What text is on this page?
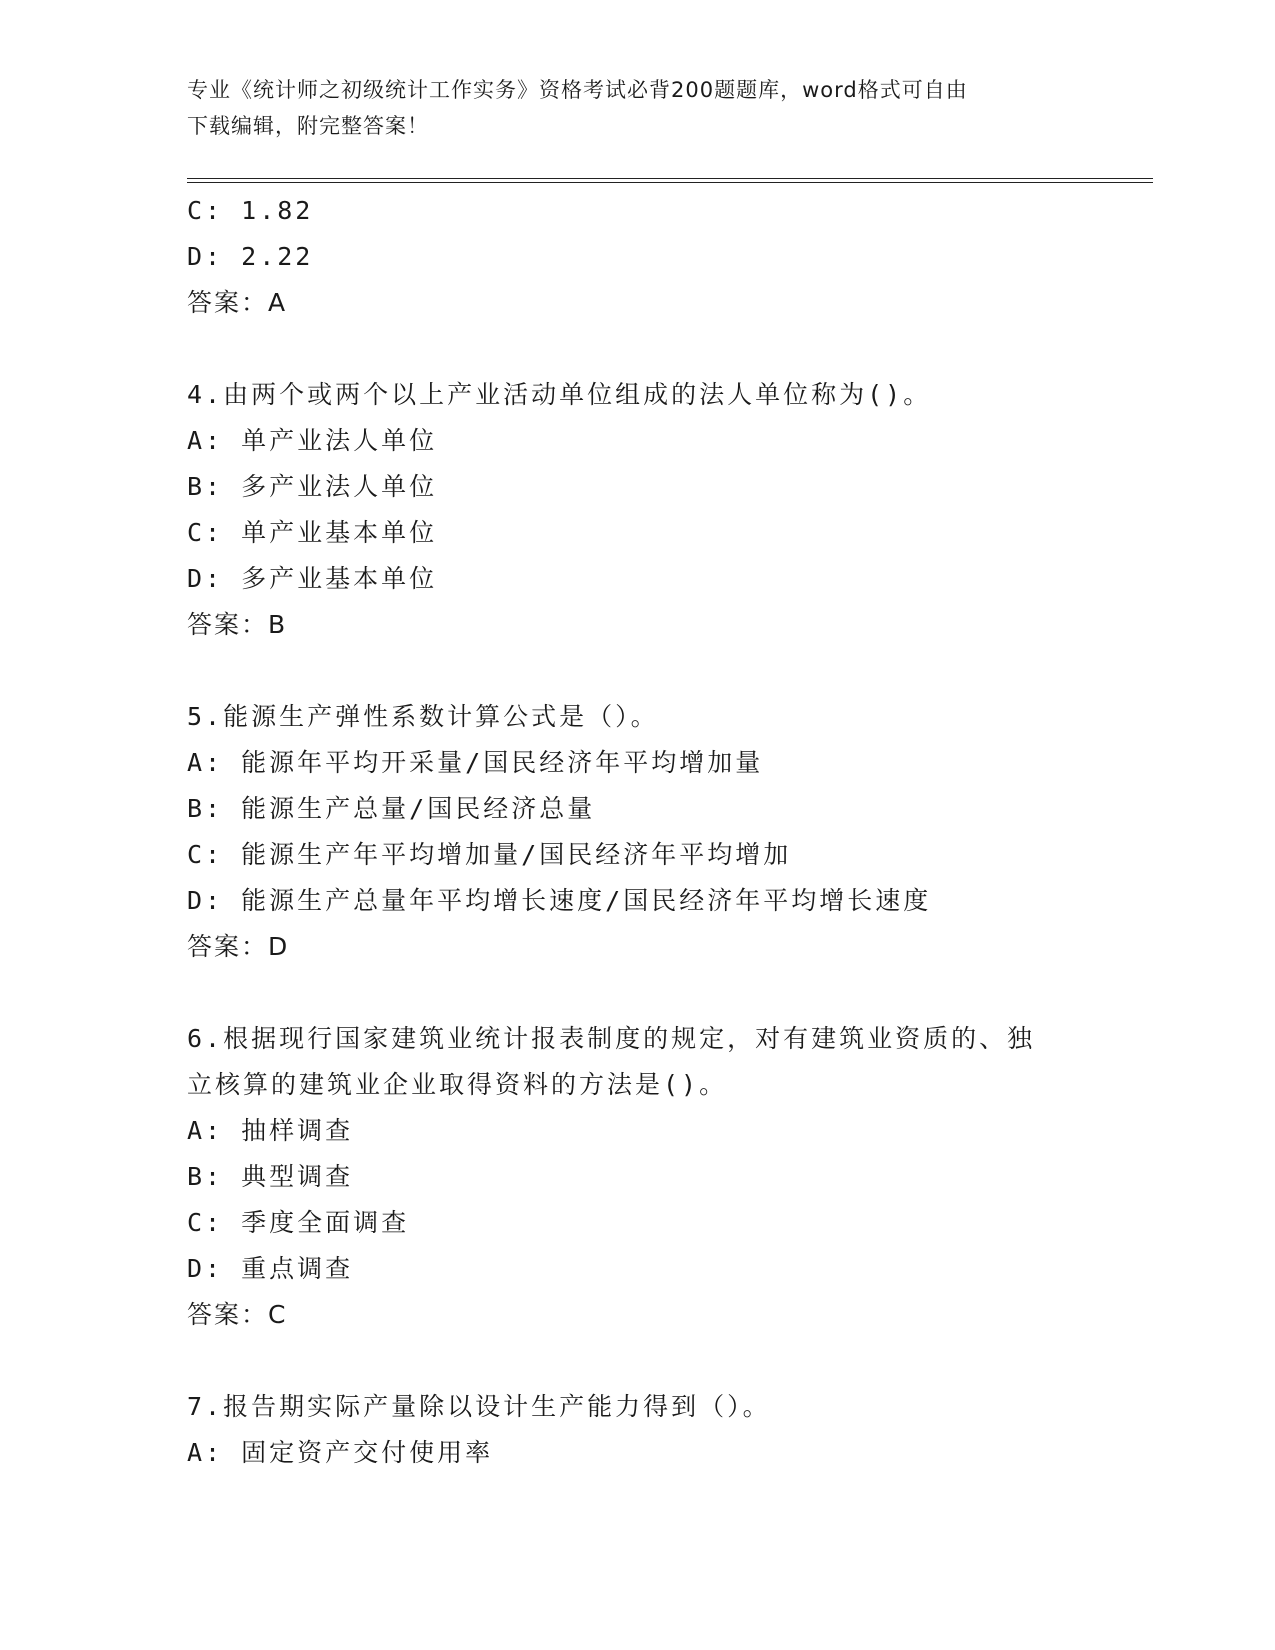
专业《统计师之初级统计工作实务》资格考试必背200题题库，word格式可自由
下载编辑，附完整答案！
C: 1.82
D: 2.22
答案：A
4.由两个或两个以上产业活动单位组成的法人单位称为()。
A: 单产业法人单位
B: 多产业法人单位
C: 单产业基本单位
D: 多产业基本单位
答案：B
5.能源生产弹性系数计算公式是（）。
A: 能源年平均开采量/国民经济年平均增加量
B: 能源生产总量/国民经济总量
C: 能源生产年平均增加量/国民经济年平均增加
D: 能源生产总量年平均增长速度/国民经济年平均增长速度
答案：D
6.根据现行国家建筑业统计报表制度的规定，对有建筑业资质的、独
立核算的建筑业企业取得资料的方法是()。
A: 抽样调查
B: 典型调查
C: 季度全面调查
D: 重点调查
答案：C
7.报告期实际产量除以设计生产能力得到（）。
A: 固定资产交付使用率
